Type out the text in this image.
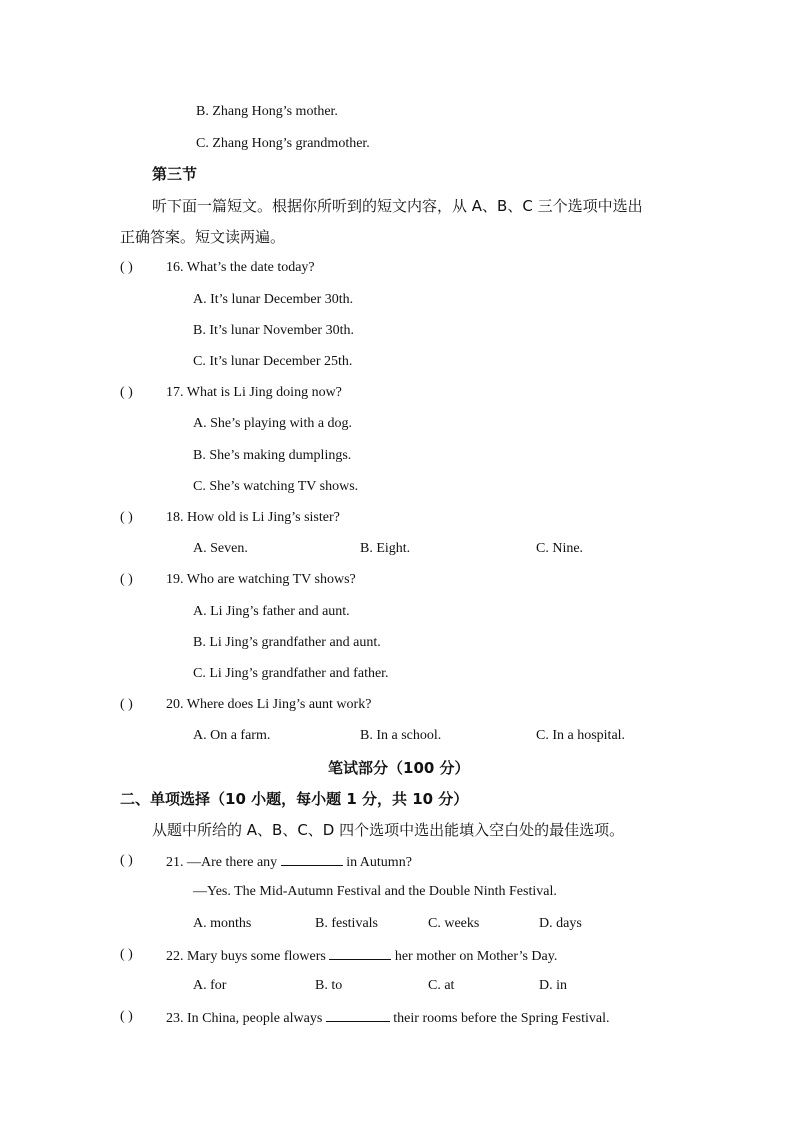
B. Zhang Hong’s mother.
C. Zhang Hong’s grandmother.
第三节
听下面一篇短文。根据你所听到的短文内容，从 A、B、C 三个选项中选出
正确答案。短文读两遍。
( ) 16. What’s the date today?
A. It’s lunar December 30th.
B. It’s lunar November 30th.
C. It’s lunar December 25th.
( ) 17. What is Li Jing doing now?
A. She’s playing with a dog.
B. She’s making dumplings.
C. She’s watching TV shows.
( ) 18. How old is Li Jing’s sister?
A. Seven.	B. Eight.	C. Nine.
( ) 19. Who are watching TV shows?
A. Li Jing’s father and aunt.
B. Li Jing’s grandfather and aunt.
C. Li Jing’s grandfather and father.
( ) 20. Where does Li Jing’s aunt work?
A. On a farm.	B. In a school.	C. In a hospital.
笔试部分（100 分）
二、单项选择（10 小题，每小题 1 分，共 10 分）
从题中所给的 A、B、C、D 四个选项中选出能填入空白处的最佳选项。
( ) 21. —Are there any	in Autumn?
—Yes. The Mid-Autumn Festival and the Double Ninth Festival.
A. months	B. festivals	C. weeks	D. days
( ) 22. Mary buys some flowers	her mother on Mother’s Day.
A. for	B. to	C. at	D. in
( ) 23. In China, people always	their rooms before the Spring Festival.
